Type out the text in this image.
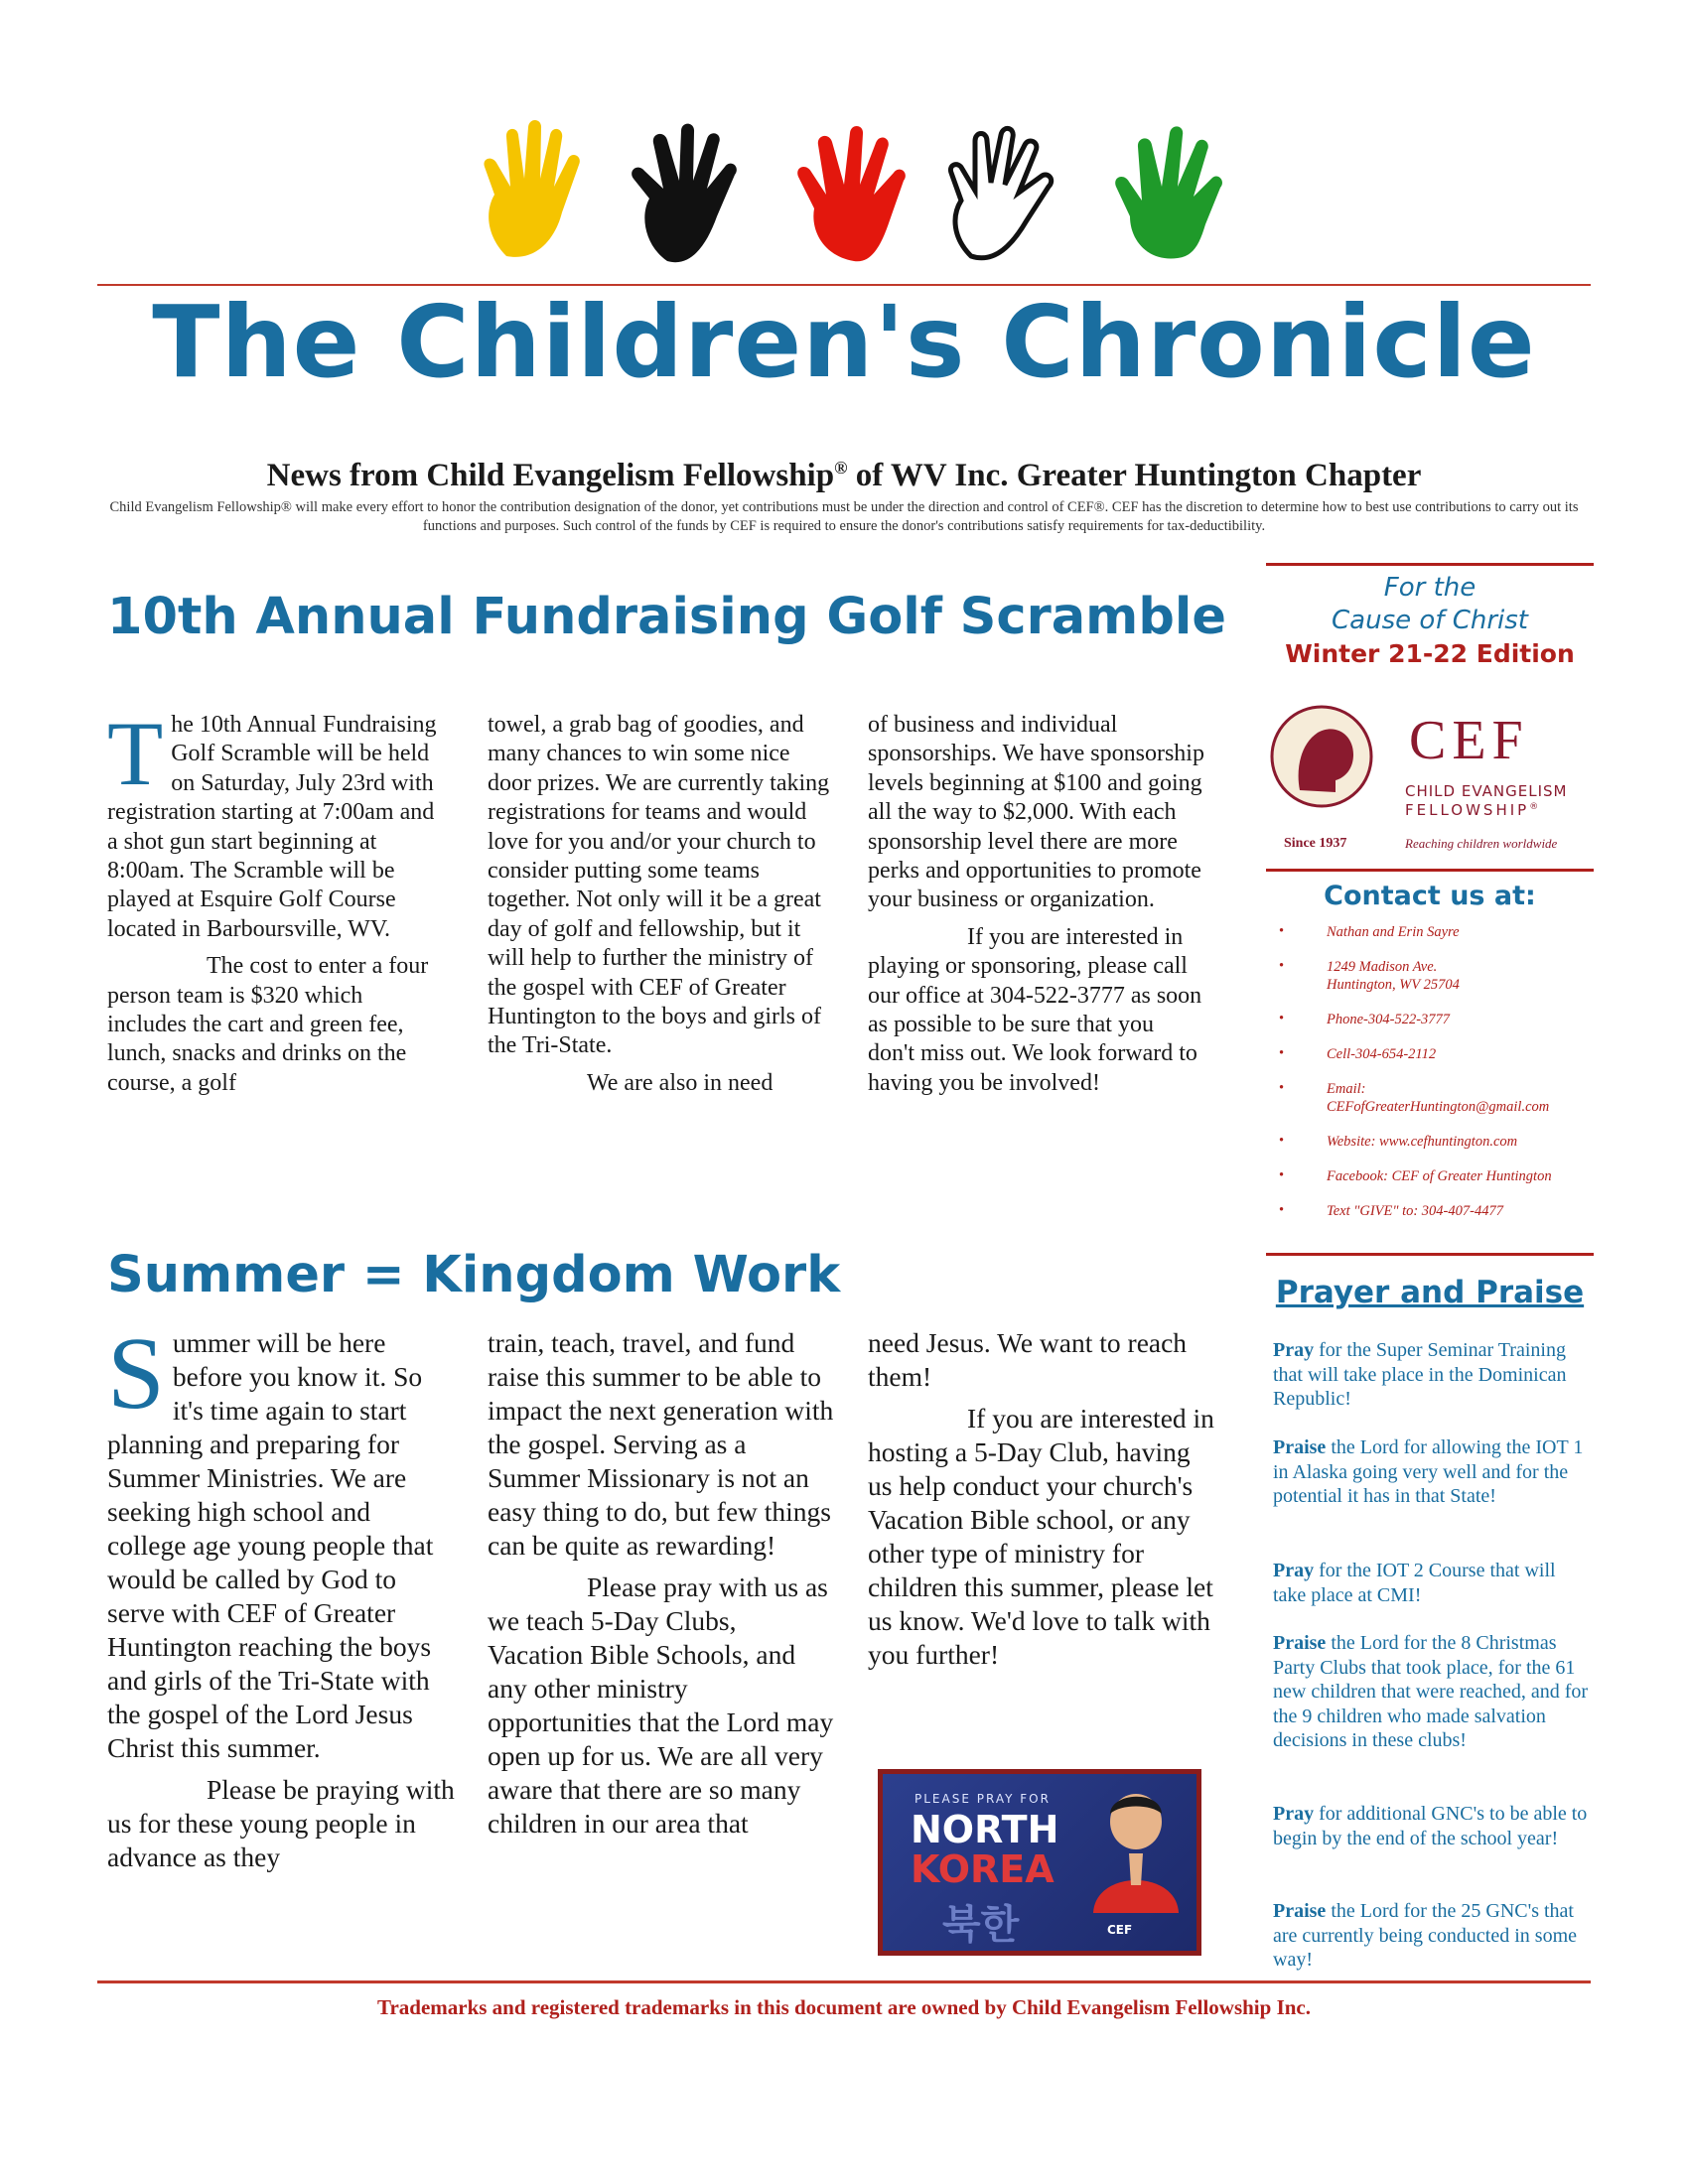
The Children's Chronicle
News from Child Evangelism Fellowship® of WV Inc. Greater Huntington Chapter
Child Evangelism Fellowship® will make every effort to honor the contribution designation of the donor, yet contributions must be under the direction and control of CEF®. CEF has the discretion to determine how to best use contributions to carry out its functions and purposes. Such control of the funds by CEF is required to ensure the donor's contributions satisfy requirements for tax-deductibility.
10th Annual Fundraising Golf Scramble

The 10th Annual Fundraising Golf Scramble will be held on Saturday, July 23rd with registration starting at 7:00am and a shot gun start beginning at 8:00am. The Scramble will be played at Esquire Golf Course located in Barboursville, WV.

The cost to enter a four person team is $320 which includes the cart and green fee, lunch, snacks and drinks on the course, a golf

towel, a grab bag of goodies, and many chances to win some nice door prizes. We are currently taking registrations for teams and would love for you and/or your church to consider putting some teams together. Not only will it be a great day of golf and fellowship, but it will help to further the ministry of the gospel with CEF of Greater Huntington to the boys and girls of the Tri-State.

We are also in need

of business and individual sponsorships. We have sponsorship levels beginning at $100 and going all the way to $2,000. With each sponsorship level there are more perks and opportunities to promote your business or organization.

If you are interested in playing or sponsoring, please call our office at 304-522-3777 as soon as possible to be sure that you don't miss out. We look forward to having you be involved!

Summer = Kingdom Work

Summer will be here before you know it. So it's time again to start planning and preparing for Summer Ministries. We are seeking high school and college age young people that would be called by God to serve with CEF of Greater Huntington reaching the boys and girls of the Tri-State with the gospel of the Lord Jesus Christ this summer.

Please be praying with us for these young people in advance as they

train, teach, travel, and fund raise this summer to be able to impact the next generation with the gospel. Serving as a Summer Missionary is not an easy thing to do, but few things can be quite as rewarding!

Please pray with us as we teach 5-Day Clubs, Vacation Bible Schools, and any other ministry opportunities that the Lord may open up for us. We are all very aware that there are so many children in our area that

need Jesus. We want to reach them!

If you are interested in hosting a 5-Day Club, having us help conduct your church's Vacation Bible school, or any other type of ministry for children this summer, please let us know. We'd love to talk with you further!

PLEASE PRAY FOR
NORTH
KOREA
북한	CEF
For the
Cause of Christ
Winter 21-22 Edition
CEF
CHILD EVANGELISM
FELLOWSHIP®
Since 1937	Reaching children worldwide
Contact us at:
• Nathan and Erin Sayre
• 1249 Madison Ave.
Huntington, WV 25704
• Phone-304-522-3777
• Cell-304-654-2112
• Email:
CEFofGreaterHuntington@gmail.com
• Website: www.cefhuntington.com
• Facebook: CEF of Greater Huntington
• Text "GIVE" to: 304-407-4477
Prayer and Praise
Pray for the Super Seminar Training that will take place in the Dominican Republic!
Praise the Lord for allowing the IOT 1 in Alaska going very well and for the potential it has in that State!
Pray for the IOT 2 Course that will take place at CMI!
Praise the Lord for the 8 Christmas Party Clubs that took place, for the 61 new children that were reached, and for the 9 children who made salvation decisions in these clubs!
Pray for additional GNC's to be able to begin by the end of the school year!
Praise the Lord for the 25 GNC's that are currently being conducted in some way!
Trademarks and registered trademarks in this document are owned by Child Evangelism Fellowship Inc.
